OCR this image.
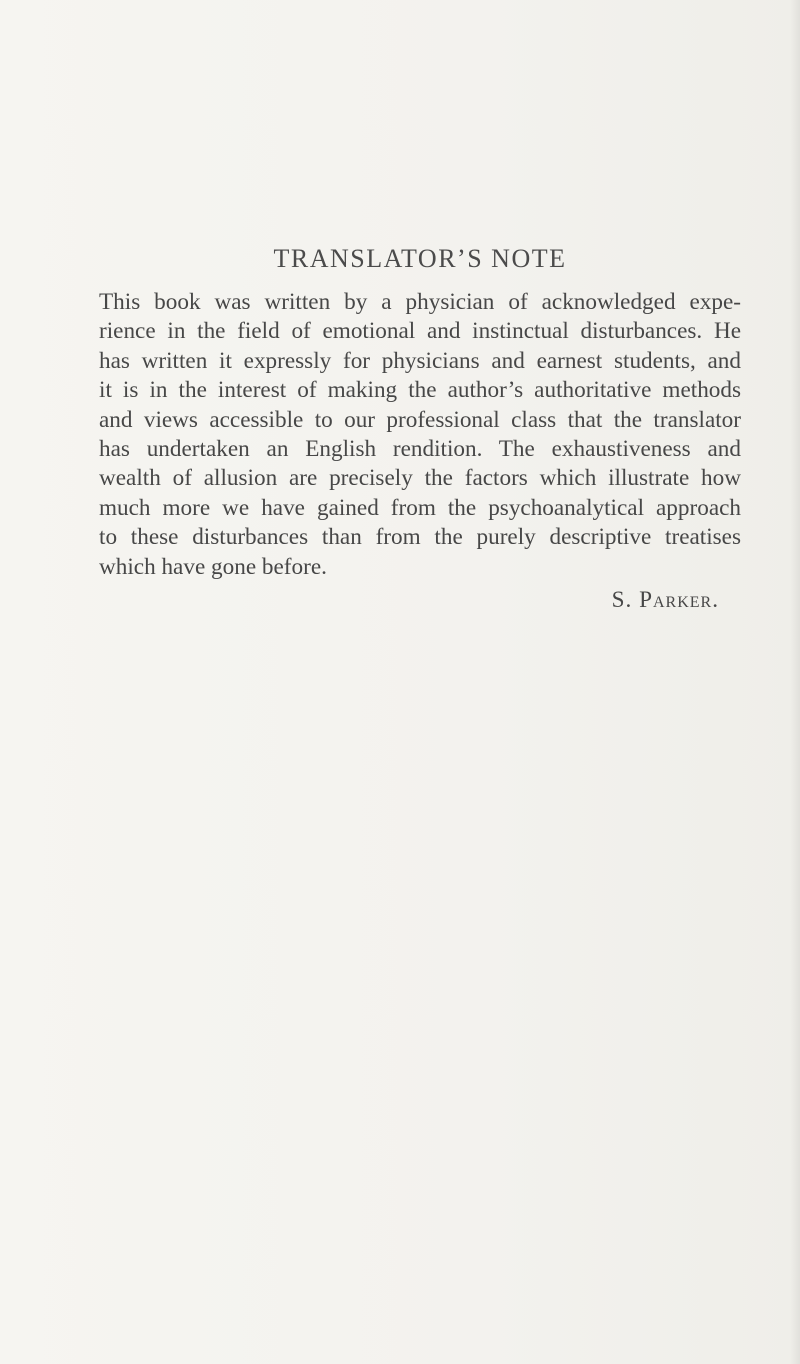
TRANSLATOR’S NOTE
This book was written by a physician of acknowledged expe-
rience in the field of emotional and instinctual disturbances. He
has written it expressly for physicians and earnest students, and
it is in the interest of making the author’s authoritative methods
and views accessible to our professional class that the translator
has undertaken an English rendition. The exhaustiveness and
wealth of allusion are precisely the factors which illustrate how
much more we have gained from the psychoanalytical approach
to these disturbances than from the purely descriptive treatises
which have gone before.
S. Parker.
